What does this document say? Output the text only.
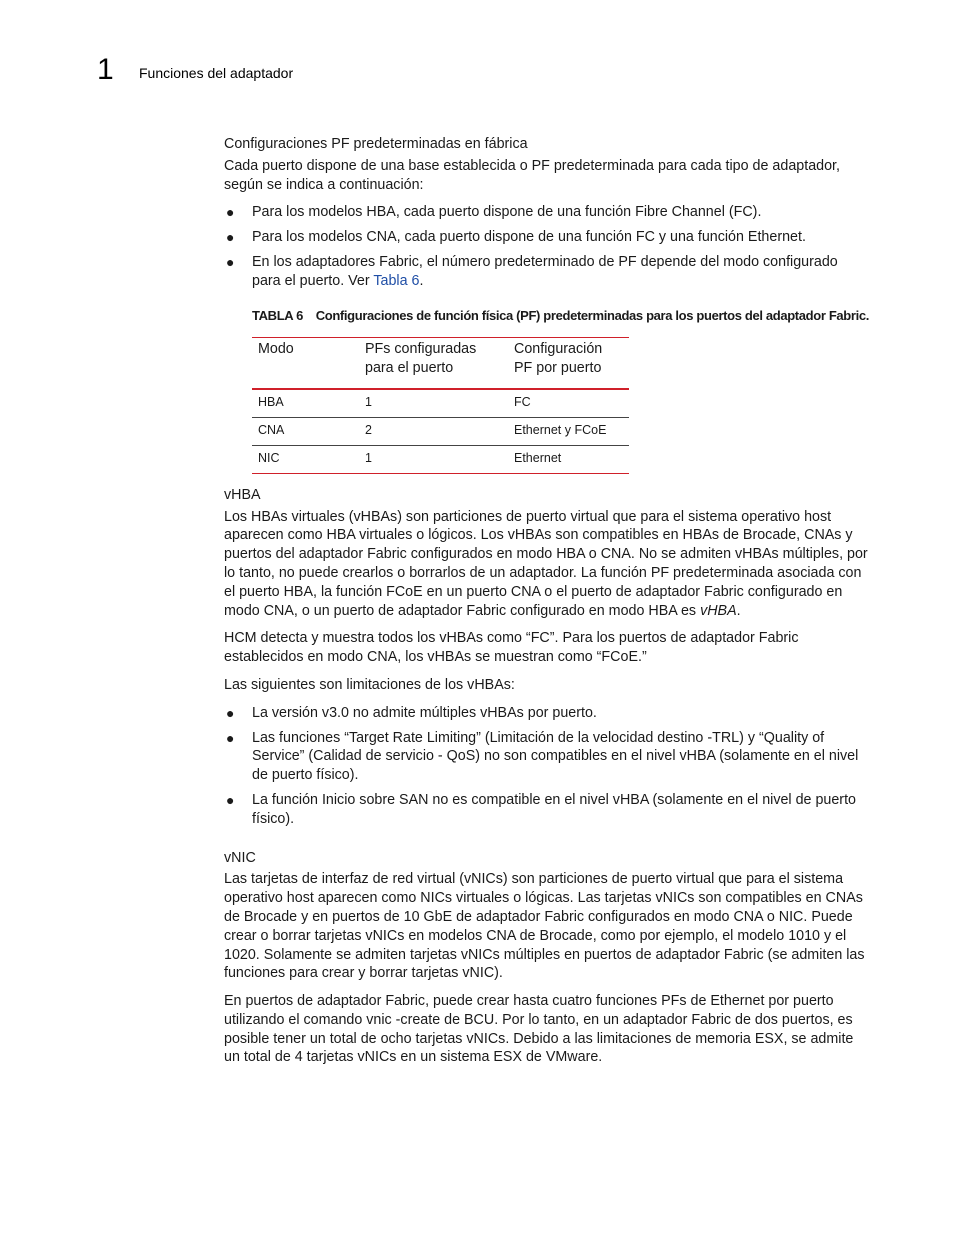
1 Funciones del adaptador
Configuraciones PF predeterminadas en fábrica

Cada puerto dispone de una base establecida o PF predeterminada para cada tipo de adaptador, según se indica a continuación:

● Para los modelos HBA, cada puerto dispone de una función Fibre Channel (FC).
● Para los modelos CNA, cada puerto dispone de una función FC y una función Ethernet.
● En los adaptadores Fabric, el número predeterminado de PF depende del modo configurado para el puerto. Ver Tabla 6.
TABLA 6 Configuraciones de función física (PF) predeterminadas para los puertos del adaptador Fabric.
Modo	PFs configuradas para el puerto	Configuración PF por puerto
HBA	1	FC
CNA	2	Ethernet y FCoE
NIC	1	Ethernet
vHBA

Los HBAs virtuales (vHBAs) son particiones de puerto virtual que para el sistema operativo host aparecen como HBA virtuales o lógicos. Los vHBAs son compatibles en HBAs de Brocade, CNAs y puertos del adaptador Fabric configurados en modo HBA o CNA. No se admiten vHBAs múltiples, por lo tanto, no puede crearlos o borrarlos de un adaptador. La función PF predeterminada asociada con el puerto HBA, la función FCoE en un puerto CNA o el puerto de adaptador Fabric configurado en modo CNA, o un puerto de adaptador Fabric configurado en modo HBA es vHBA.

HCM detecta y muestra todos los vHBAs como “FC”. Para los puertos de adaptador Fabric establecidos en modo CNA, los vHBAs se muestran como “FCoE.”

Las siguientes son limitaciones de los vHBAs:

● La versión v3.0 no admite múltiples vHBAs por puerto.
● Las funciones “Target Rate Limiting” (Limitación de la velocidad destino -TRL) y “Quality of Service” (Calidad de servicio - QoS) no son compatibles en el nivel vHBA (solamente en el nivel de puerto físico).
● La función Inicio sobre SAN no es compatible en el nivel vHBA (solamente en el nivel de puerto físico).
vNIC

Las tarjetas de interfaz de red virtual (vNICs) son particiones de puerto virtual que para el sistema operativo host aparecen como NICs virtuales o lógicas. Las tarjetas vNICs son compatibles en CNAs de Brocade y en puertos de 10 GbE de adaptador Fabric configurados en modo CNA o NIC. Puede crear o borrar tarjetas vNICs en modelos CNA de Brocade, como por ejemplo, el modelo 1010 y el 1020. Solamente se admiten tarjetas vNICs múltiples en puertos de adaptador Fabric (se admiten las funciones para crear y borrar tarjetas vNIC).

En puertos de adaptador Fabric, puede crear hasta cuatro funciones PFs de Ethernet por puerto utilizando el comando vnic -create de BCU. Por lo tanto, en un adaptador Fabric de dos puertos, es posible tener un total de ocho tarjetas vNICs. Debido a las limitaciones de memoria ESX, se admite un total de 4 tarjetas vNICs en un sistema ESX de VMware.
